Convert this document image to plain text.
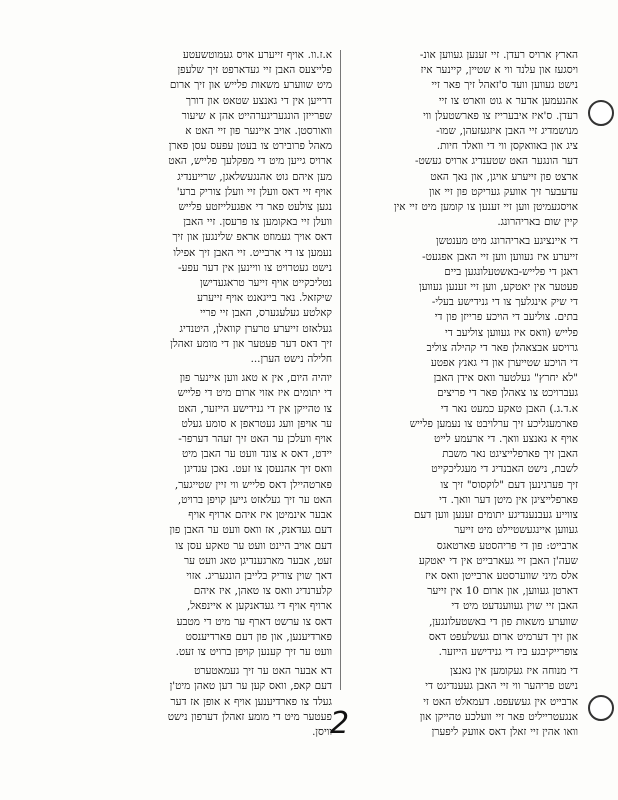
הארץ ארויס רעדן. זיי זענען געווען אונ-
ויסגעז און עלנד ווי א שטיין, קיינער איז
נישט געווען וועד ס'זאהל זיך פאר זיי
אהנעמען אדער א גוט ווארט צו זיי
רעדן. ס'איז איבערייז צו פארשטעלן ווי
מנושמדיג זיי האבן איזגעזעהן, שמו-
ציג און באוואקסן ווי די וואלד חיות.
דער הונגער האט שטענדיג ארויס געשט-
ארצט פון זייערע אויגן, און נאך האט
עדעבער זיך אוועק געריקט פון זיי און
אויסגעמיטן ווען זיי זענען צו קומען מיט זיי אין
קיין שום באריהרונג.

די איינציגע באריהרונג מיט מענטשן
זייערע איז געווען ווען זיי האבן אפגעט-
ראגן די פלייש-באשטעלונגען ביים
פעטער אין יאטקע, ווען זיי זענען געווען
די שיק אינגלעך צו די גנידישע בעלי-
בתים. צוליעב די הויכע פרייזן פון די
פלייש (וואס איז געווען צוליעב די
גרויסע אבצאהלן פאר די קהילה צוליב
די הויכע שטייערן און די גאנץ אפטע
"לא יחרץ" געלטער וואס אידן האבן
געברויכט צו צאהלן פאר די פריצים
א.ד.ג.) האבן טאקע כמעט נאר די
פארמעגליכע זיך ערלויבט צו נעמען פלייש
אויף א גאנצע וואך. די ארעמע לייט
האבן זיך פארפלייציגט נאר משבת
לשבת, נישט האבנדיג די מעגליכקייט
זיך פערגינען דעם "לוקסוס" זיך צו
פארפלייציגן אין מיטן דער וואך. די
צווייע געבנענדיגע יתומים זענען ווען דעם
געווען איינגעשטיילט מיט זייער
ארבייט: פון די פריהסטע פארטאגס
שעה'ן האבן זיי געארבייט אין די יאטקע
אלס מיני שווערסטע ארבייטן וואס איז
דארטן געווען, און ארום 10 אין זייער
האבן זיי שוין געווענדעט מיט די
שווערע משאות פון די באשטעלונגען,
און זיך דערמיט ארום געשלעפט דאס
צופרייקיבגע ביז די גנידישע הייזער.

די מנוחה איז געקומען אין גאנצן
נישט פריהער ווי זיי האבן געענדיגט די
ארבייט אין געשעפט. דעמאלט האט זי
אנגעטרייליט פאר זיי וועלכע טהייקן און
וואו אהין זיי זאלן דאס אוועק ליפערן

א.ז.וו. אויף זייערע אויס געמוטשעטע
פלייצעס האבן זיי געדארפט זיך שלעפן
מיט שווערע משאות פלייש און זיך ארום
דרייען אין די גאנצע שטאט און דורך
שפרייזן הונגעריגערהייט אהן א שיעור
וואורסטן. אויב איינער פון זיי האט א
מאהל פרובירט צו בעטן עפעס עסן פארן
ארויס גייען מיט די מפקלעך פלייש, האט
מען איהם גוט אהנגעשלאגן, שרייענדיג
אויף זיי דאס וועלן זיי וועלן צוריק ברע'
נגען צולעט פאר די אפגעלייזטע פלייש
וועלן זיי באקומען צו פרעסן. זיי האבן
דאס אויך געמוזט אראפ שלינגען און זיך
נעמען צו די ארבייט. זיי האבן זיך אפילו
נישט געטרויט צו וויינען אין דער עפע-
נטליכקייט אויף זייער טראגעדישן
שיקזאל. נאר בייגאנט אויף זייערע
קאלטע געלעגערס, האבן זיי פריי
געלאזט זייערע טרערן קוואלן, היטנדיג
זיך דאס דער פעטער און די מומע זאהלן
חלילה נישט הערן...

יוהיה היום, אין א טאג ווען איינער פון
די יתומים איז אזוי ארום מיט די פלייש
צו טהייקן אין די גנידישע הייזער, האט
ער אויפן וועג געטראפן א סומע געלט
אויף וועלכן ער האט זיך זעהר דערפר-
יידט, דאס א צונד וועט ער האבן מיט
וואס זיך אהנעסן צו זעט. נאכן עגדיגן
פארטהיילן דאס פלייש ווי זיין שטייגער,
האט ער זיך געלאזט גייען קויפן ברויט,
אבער אינמיטן איז איהם ארויף אויף
דעם געדאנק, אז וואס וועט ער האבן פון
דעם אויב היינט וועט ער טאקע עסן צו
זעט, אבער מארגענדיגן טאג וועט ער
דאך שוין צוריק בלייבן הונגעריג. אזוי
קלערנדיג וואס צו טאהן, איז איהם
ארויף אויף די געדאנקען א איינפאל,
דאס צו ערשט דארף ער מיט די מטבע
פארדיענען, און פון דעם פארדיענסט
וועט ער זיך קענען קויפן ברויט צו זעט.

דא אבער האט ער זיך געמאטערט
דעם קאפ, וואס קען ער דען טאהן מיט'ן
געלד צו פארדיענען אויף א אופן אז דער
פעטער מיט די מומע זאהלן דערפון נישט
וויסן.

2
